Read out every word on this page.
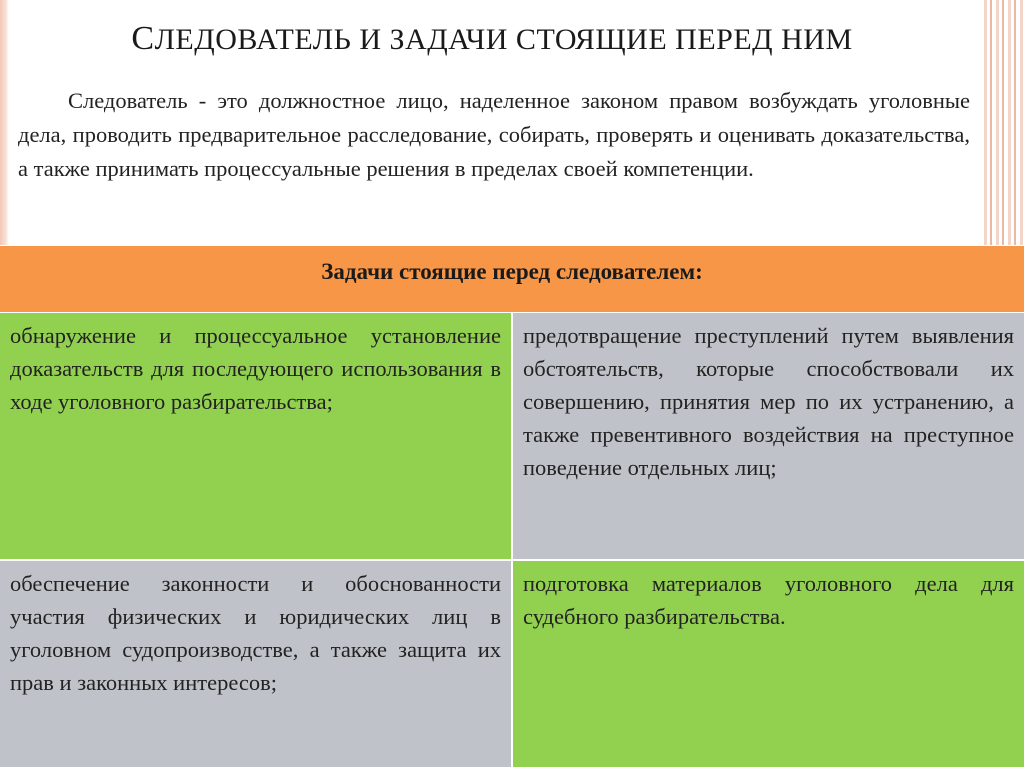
СЛЕДОВАТЕЛЬ И ЗАДАЧИ СТОЯЩИЕ ПЕРЕД НИМ
Следователь - это должностное лицо, наделенное законом правом возбуждать уголовные дела, проводить предварительное расследование, собирать, проверять и оценивать доказательства, а также принимать процессуальные решения в пределах своей компетенции.
Задачи стоящие перед следователем:
обнаружение и процессуальное установление доказательств для последующего использования в ходе уголовного разбирательства;
предотвращение преступлений путем выявления обстоятельств, которые способствовали их совершению, принятия мер по их устранению, а также превентивного воздействия на преступное поведение отдельных лиц;
обеспечение законности и обоснованности участия физических и юридических лиц в уголовном судопроизводстве, а также защита их прав и законных интересов;
подготовка материалов уголовного дела для судебного разбирательства.
